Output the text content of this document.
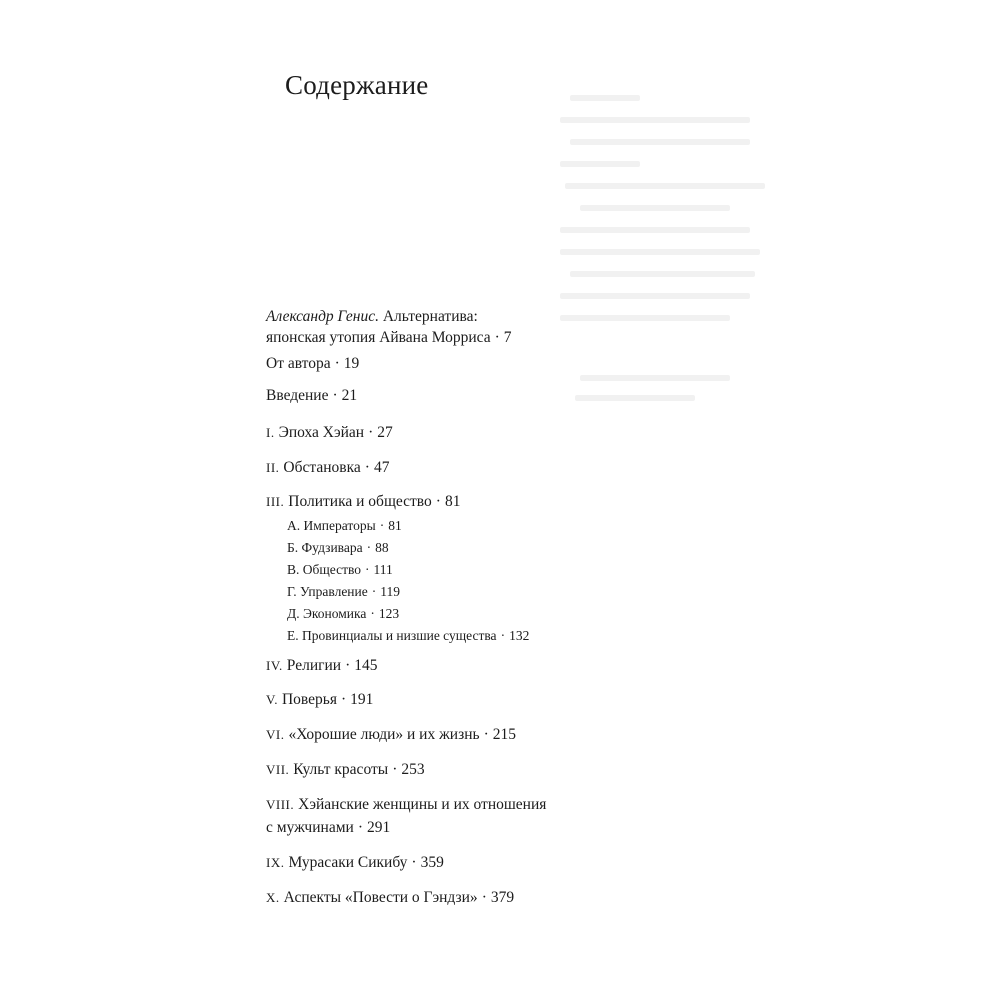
Содержание
Александр Генис. Альтернатива:
японская утопия Айвана Морриса · 7
От автора · 19
Введение · 21
I. Эпоха Хэйан · 27
II. Обстановка · 47
III. Политика и общество · 81
А. Императоры · 81
Б. Фудзивара · 88
В. Общество · 111
Г. Управление · 119
Д. Экономика · 123
Е. Провинциалы и низшие существа · 132
IV. Религии · 145
V. Поверья · 191
VI. «Хорошие люди» и их жизнь · 215
VII. Культ красоты · 253
VIII. Хэйанские женщины и их отношения
с мужчинами · 291
IX. Мурасаки Сикибу · 359
X. Аспекты «Повести о Гэндзи» · 379
